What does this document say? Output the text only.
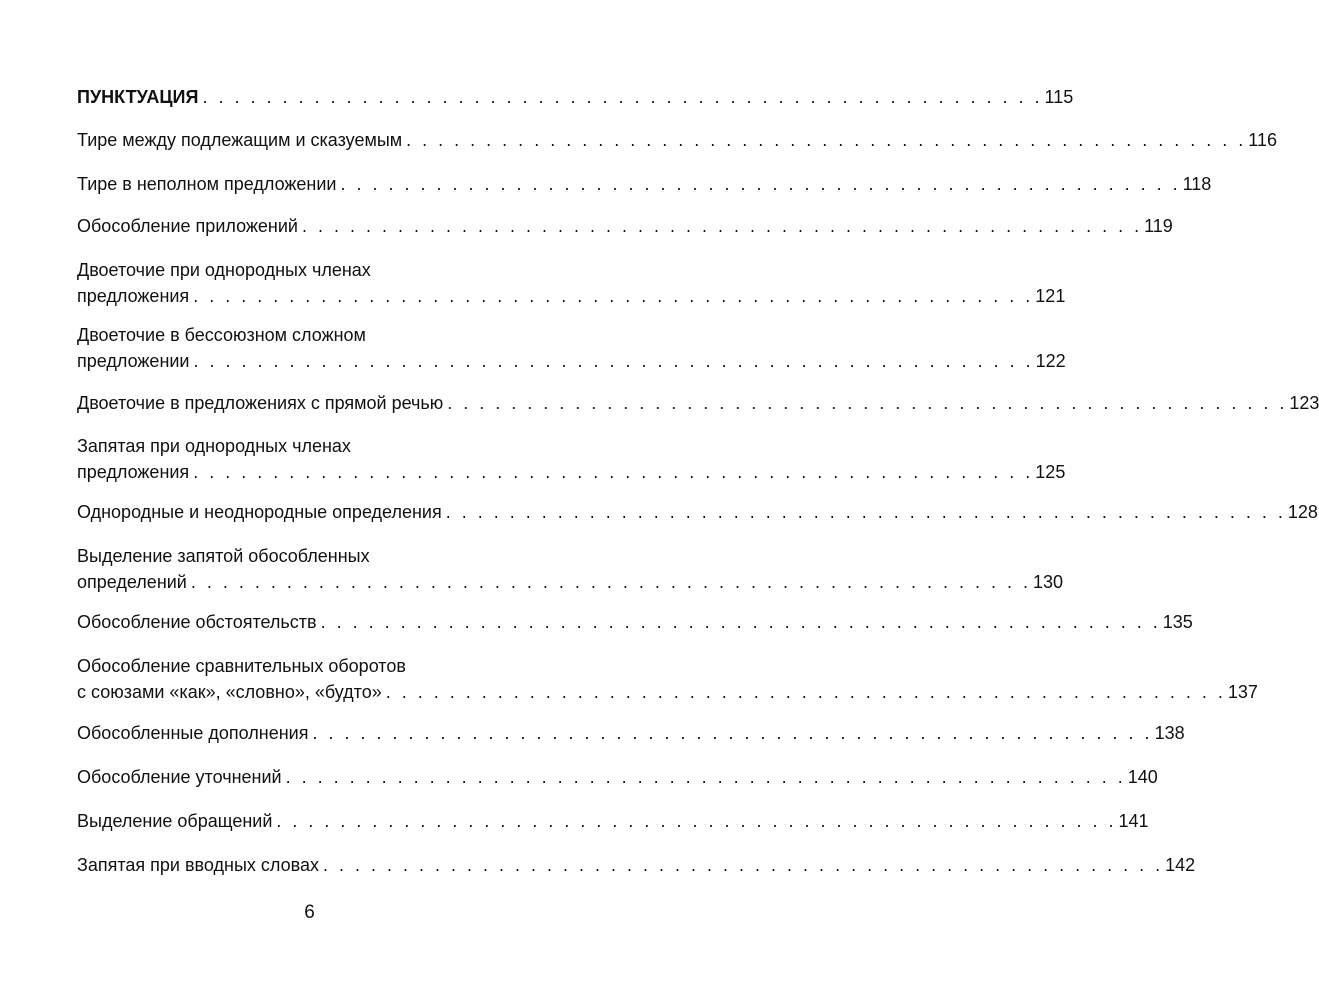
ПУНКТУАЦИЯ . . . . . . . . . . . . . . . . . . . . . . . . . . . . . . . . . . . . . . . . . . . . . . . . . . . . . 115
Тире между подлежащим и сказуемым . . . . . . . . . . . . . . . . . . . . . . . . . . . . . . . . . . . . . . . . . . . . . . . . . . . . . 116
Тире в неполном предложении . . . . . . . . . . . . . . . . . . . . . . . . . . . . . . . . . . . . . . . . . . . . . . . . . . . . . 118
Обособление приложений . . . . . . . . . . . . . . . . . . . . . . . . . . . . . . . . . . . . . . . . . . . . . . . . . . . . . 119
Двоеточие при однородных членах
предложения . . . . . . . . . . . . . . . . . . . . . . . . . . . . . . . . . . . . . . . . . . . . . . . . . . . . . 121
Двоеточие в бессоюзном сложном
предложении . . . . . . . . . . . . . . . . . . . . . . . . . . . . . . . . . . . . . . . . . . . . . . . . . . . . . 122
Двоеточие в предложениях с прямой речью . . . . . . . . . . . . . . . . . . . . . . . . . . . . . . . . . . . . . . . . . . . . . . . . . . . . . 123
Запятая при однородных членах
предложения . . . . . . . . . . . . . . . . . . . . . . . . . . . . . . . . . . . . . . . . . . . . . . . . . . . . . 125
Однородные и неоднородные определения . . . . . . . . . . . . . . . . . . . . . . . . . . . . . . . . . . . . . . . . . . . . . . . . . . . . . 128
Выделение запятой обособленных
определений . . . . . . . . . . . . . . . . . . . . . . . . . . . . . . . . . . . . . . . . . . . . . . . . . . . . . 130
Обособление обстоятельств . . . . . . . . . . . . . . . . . . . . . . . . . . . . . . . . . . . . . . . . . . . . . . . . . . . . . 135
Обособление сравнительных оборотов
с союзами «как», «словно», «будто» . . . . . . . . . . . . . . . . . . . . . . . . . . . . . . . . . . . . . . . . . . . . . . . . . . . . . 137
Обособленные дополнения . . . . . . . . . . . . . . . . . . . . . . . . . . . . . . . . . . . . . . . . . . . . . . . . . . . . . 138
Обособление уточнений . . . . . . . . . . . . . . . . . . . . . . . . . . . . . . . . . . . . . . . . . . . . . . . . . . . . . 140
Выделение обращений . . . . . . . . . . . . . . . . . . . . . . . . . . . . . . . . . . . . . . . . . . . . . . . . . . . . . 141
Запятая при вводных словах . . . . . . . . . . . . . . . . . . . . . . . . . . . . . . . . . . . . . . . . . . . . . . . . . . . . . 142
6
